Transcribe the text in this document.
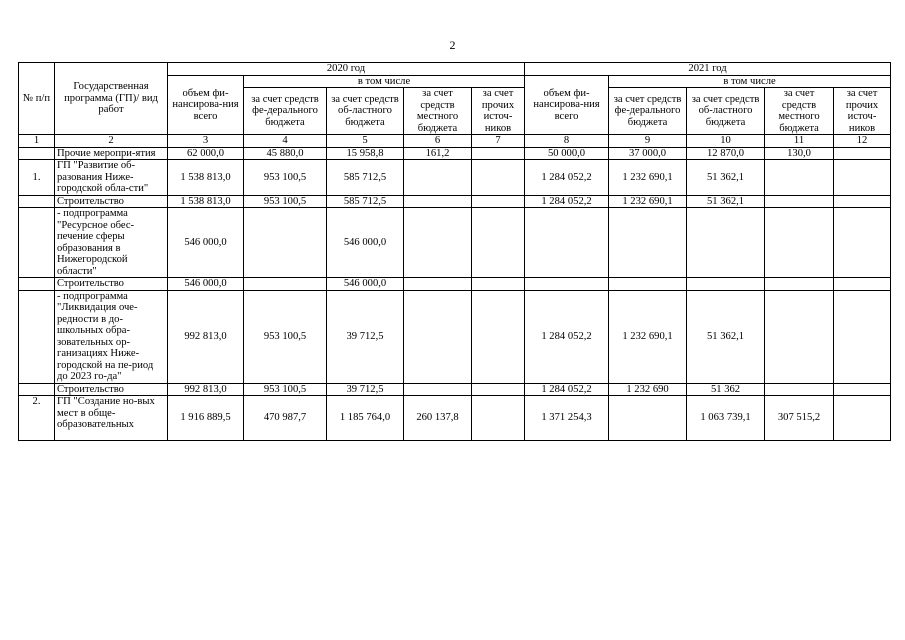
2
№ п/п	Государственная программа (ГП)/ вид работ	2020 год					2021 год				
		объем фи-нансирова-ния всего	в том числе				объем фи-нансирова-ния всего	в том числе			
			за счет средств фе-дерального бюджета	за счет средств об-ластного бюджета	за счет средств местного бюджета	за счет прочих источ-ников		за счет средств фе-дерального бюджета	за счет средств об-ластного бюджета	за счет средств местного бюджета	за счет прочих источ-ников
1	2	3	4	5	6	7	8	9	10	11	12
	Прочие меропри-ятия	62 000,0	45 880,0	15 958,8	161,2		50 000,0	37 000,0	12 870,0	130,0	
1.	ГП "Развитие об-разования Ниже-городской обла-сти"	1 538 813,0	953 100,5	585 712,5			1 284 052,2	1 232 690,1	51 362,1		
	Строительство	1 538 813,0	953 100,5	585 712,5			1 284 052,2	1 232 690,1	51 362,1		
	- подпрограмма "Ресурсное обес-печение сферы образования в Нижегородской области"	546 000,0		546 000,0							
	Строительство	546 000,0		546 000,0							
	- подпрограмма "Ликвидация оче-редности в до-школьных обра-зовательных ор-ганизациях Ниже-городской на пе-риод до 2023 го-да"	992 813,0	953 100,5	39 712,5			1 284 052,2	1 232 690,1	51 362,1		
	Строительство	992 813,0	953 100,5	39 712,5			1 284 052,2	1 232 690	51 362		
2.	ГП "Создание но-вых мест в обще-образовательных	1 916 889,5	470 987,7	1 185 764,0	260 137,8		1 371 254,3		1 063 739,1	307 515,2	
